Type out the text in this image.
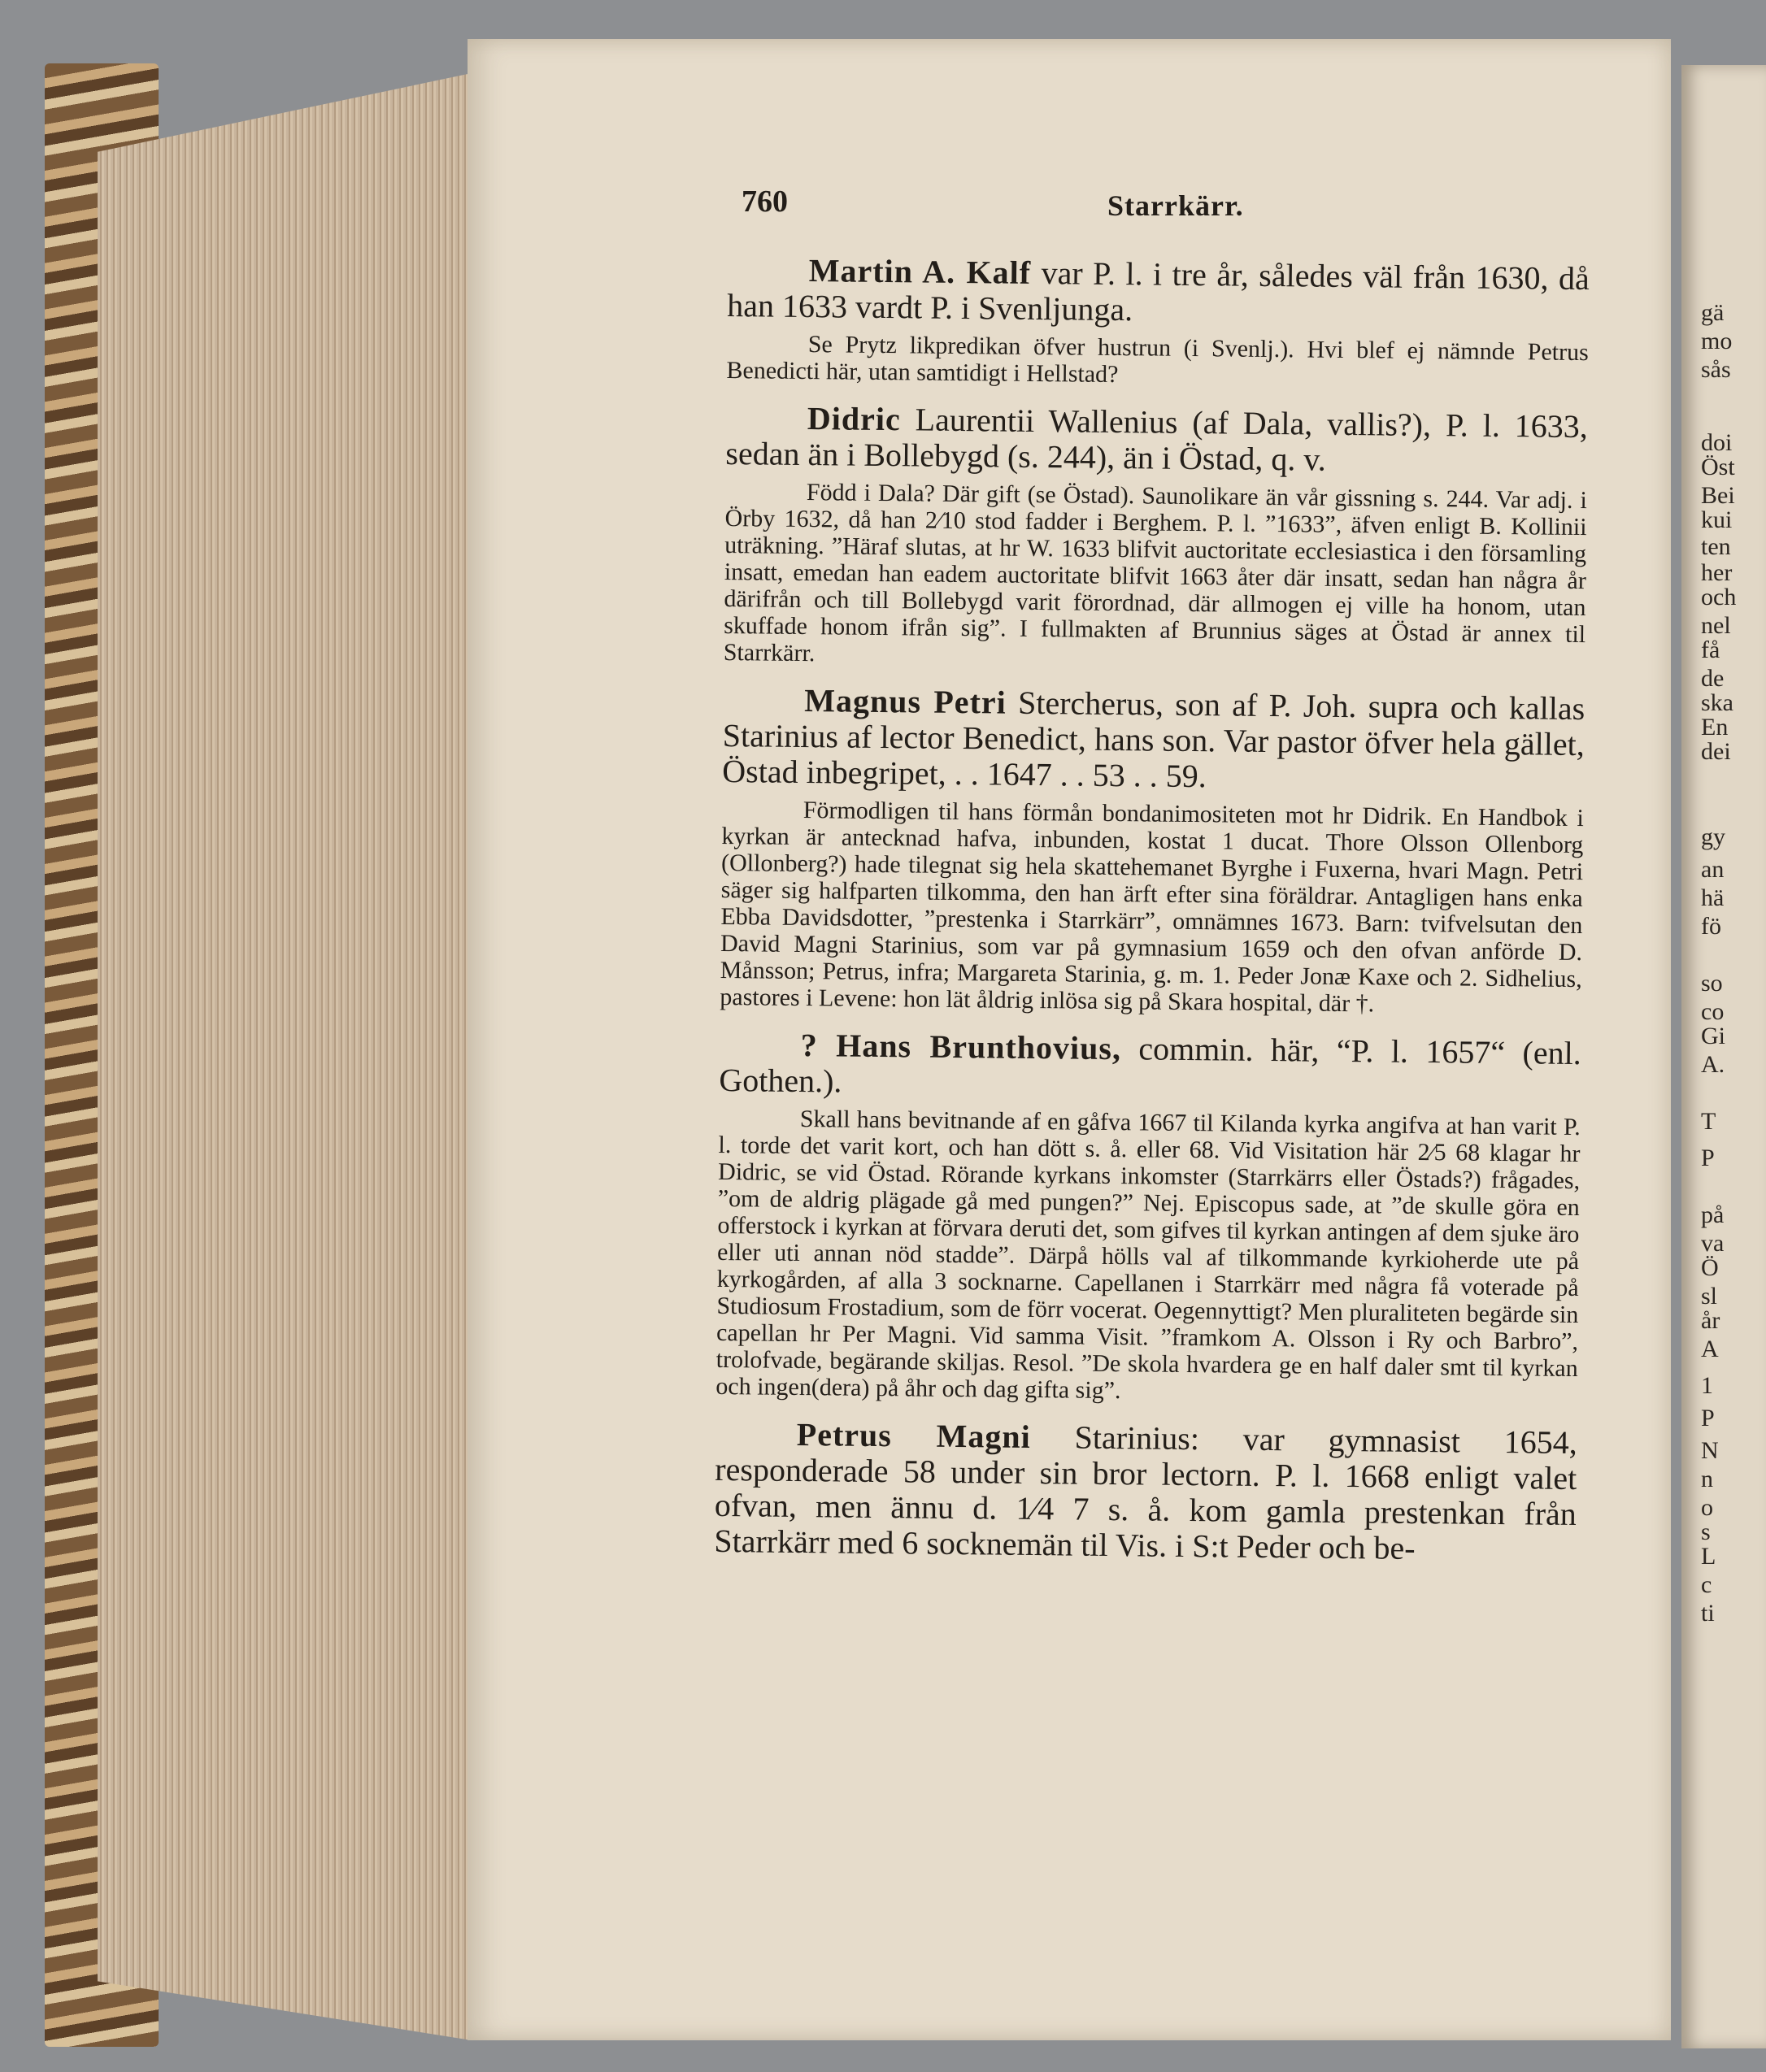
gä
mo
sås
doi
Öst
Bei
kui
ten
her
och
nel
få
de
ska
En
dei
gy
an
hä
fö
so
co
Gi
A.
T
P
på
va
Ö
sl
år
A
1
P
N
n
o
s
L
c
ti
760	Starrkärr.

Martin A. Kalf var P. l. i tre år, således väl från 1630, då han 1633 vardt P. i Svenljunga.

Se Prytz likpredikan öfver hustrun (i Svenlj.). Hvi blef ej nämnde Petrus Benedicti här, utan samtidigt i Hellstad?

Didric Laurentii Wallenius (af Dala, vallis?), P. l. 1633, sedan än i Bollebygd (s. 244), än i Östad, q. v.

Född i Dala? Där gift (se Östad). Saunolikare än vår gissning s. 244. Var adj. i Örby 1632, då han 2⁄10 stod fadder i Berghem. P. l. ”1633”, äfven enligt B. Kollinii uträkning. ”Häraf slutas, at hr W. 1633 blifvit auctoritate ecclesiastica i den församling insatt, emedan han eadem auctoritate blifvit 1663 åter där insatt, sedan han några år därifrån och till Bollebygd varit förordnad, där allmogen ej ville ha honom, utan skuffade honom ifrån sig”. I fullmakten af Brunnius säges at Östad är annex til Starrkärr.

Magnus Petri Stercherus, son af P. Joh. supra och kallas Starinius af lector Benedict, hans son. Var pastor öfver hela gället, Östad inbegripet, . . 1647 . . 53 . . 59.

Förmodligen til hans förmån bondanimositeten mot hr Didrik. En Handbok i kyrkan är antecknad hafva, inbunden, kostat 1 ducat. Thore Olsson Ollenborg (Ollonberg?) hade tilegnat sig hela skattehemanet Byrghe i Fuxerna, hvari Magn. Petri säger sig halfparten tilkomma, den han ärft efter sina föräldrar. Antagligen hans enka Ebba Davidsdotter, ”prestenka i Starrkärr”, omnämnes 1673. Barn: tvifvelsutan den David Magni Starinius, som var på gymnasium 1659 och den ofvan anförde D. Månsson; Petrus, infra; Margareta Starinia, g. m. 1. Peder Jonæ Kaxe och 2. Sidhelius, pastores i Levene: hon lät åldrig inlösa sig på Skara hospital, där †.

? Hans Brunthovius, commin. här, “P. l. 1657“ (enl. Gothen.).

Skall hans bevitnande af en gåfva 1667 til Kilanda kyrka angifva at han varit P. l. torde det varit kort, och han dött s. å. eller 68. Vid Visitation här 2⁄5 68 klagar hr Didric, se vid Östad. Rörande kyrkans inkomster (Starrkärrs eller Östads?) frågades, ”om de aldrig plägade gå med pungen?” Nej. Episcopus sade, at ”de skulle göra en offerstock i kyrkan at förvara deruti det, som gifves til kyrkan antingen af dem sjuke äro eller uti annan nöd stadde”. Därpå hölls val af tilkommande kyrkioherde ute på kyrkogården, af alla 3 socknarne. Capellanen i Starrkärr med några få voterade på Studiosum Frostadium, som de förr vocerat. Oegennyttigt? Men pluraliteten begärde sin capellan hr Per Magni. Vid samma Visit. ”framkom A. Olsson i Ry och Barbro”, trolofvade, begärande skiljas. Resol. ”De skola hvardera ge en half daler smt til kyrkan och ingen(dera) på åhr och dag gifta sig”.

Petrus Magni Starinius: var gymnasist 1654, responderade 58 under sin bror lectorn. P. l. 1668 enligt valet ofvan, men ännu d. 1⁄4 7 s. å. kom gamla prestenkan från Starrkärr med 6 socknemän til Vis. i S:t Peder och be-
